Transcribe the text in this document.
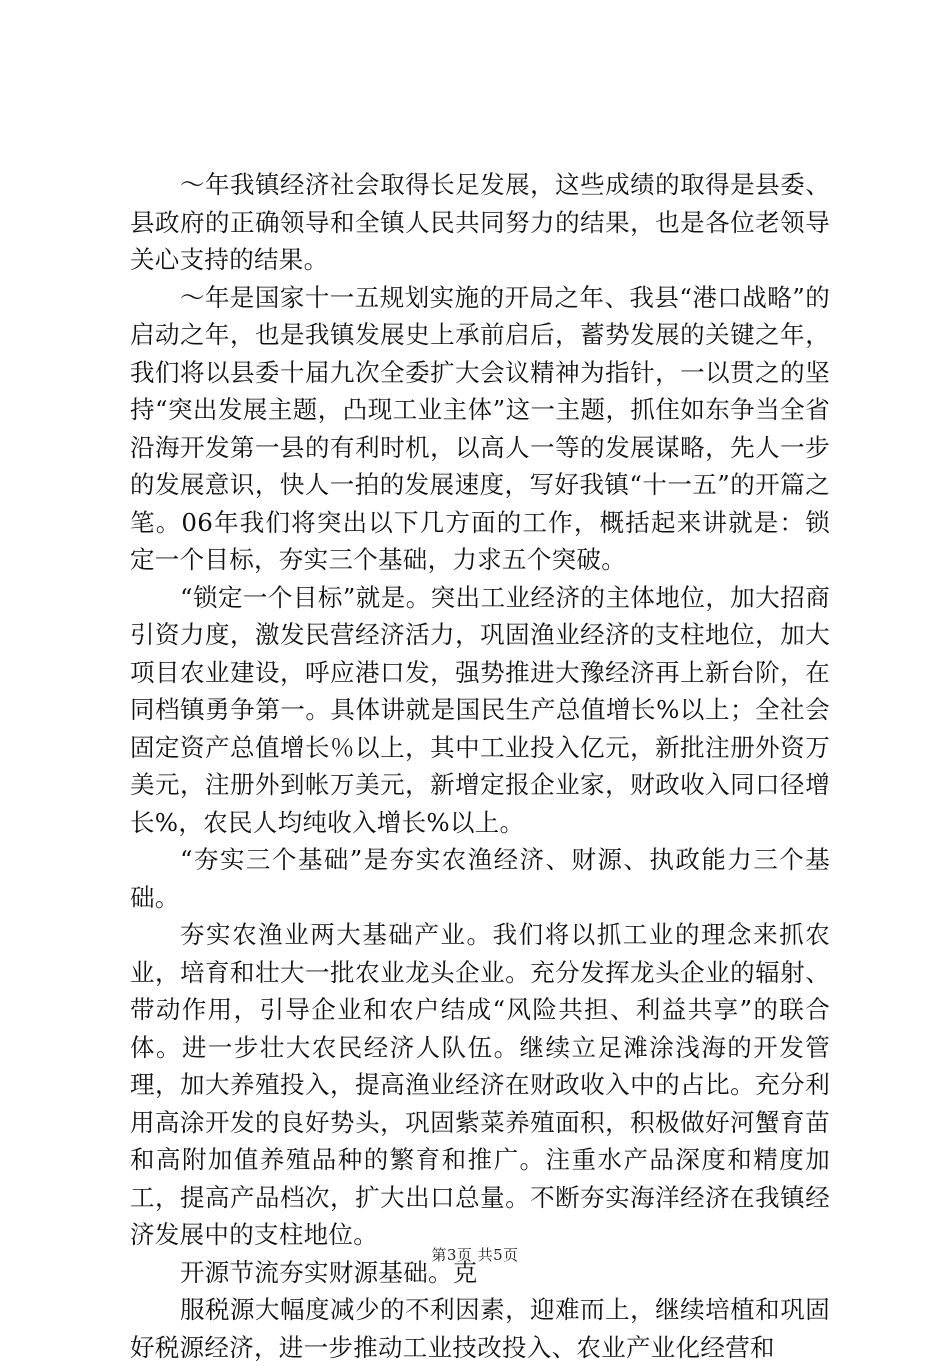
～年我镇经济社会取得长足发展，这些成绩的取得是县委、县政府的正确领导和全镇人民共同努力的结果，也是各位老领导关心支持的结果。

～年是国家十一五规划实施的开局之年、我县“港口战略”的启动之年，也是我镇发展史上承前启后，蓄势发展的关键之年，我们将以县委十届九次全委扩大会议精神为指针，一以贯之的坚持“突出发展主题，凸现工业主体”这一主题，抓住如东争当全省沿海开发第一县的有利时机，以高人一等的发展谋略，先人一步的发展意识，快人一拍的发展速度，写好我镇“十一五”的开篇之笔。06年我们将突出以下几方面的工作，概括起来讲就是：锁定一个目标，夯实三个基础，力求五个突破。

“锁定一个目标”就是。突出工业经济的主体地位，加大招商引资力度，激发民营经济活力，巩固渔业经济的支柱地位，加大项目农业建设，呼应港口发，强势推进大豫经济再上新台阶，在同档镇勇争第一。具体讲就是国民生产总值增长%以上；全社会固定资产总值增长％以上，其中工业投入亿元，新批注册外资万美元，注册外到帐万美元，新增定报企业家，财政收入同口径增长%，农民人均纯收入增长%以上。

“夯实三个基础”是夯实农渔经济、财源、执政能力三个基础。

夯实农渔业两大基础产业。我们将以抓工业的理念来抓农业，培育和壮大一批农业龙头企业。充分发挥龙头企业的辐射、带动作用，引导企业和农户结成“风险共担、利益共享”的联合体。进一步壮大农民经济人队伍。继续立足滩涂浅海的开发管理，加大养殖投入，提高渔业经济在财政收入中的占比。充分利用高涂开发的良好势头，巩固紫菜养殖面积，积极做好河蟹育苗和高附加值养殖品种的繁育和推广。注重水产品深度和精度加工，提高产品档次，扩大出口总量。不断夯实海洋经济在我镇经济发展中的支柱地位。

开源节流夯实财源基础。克

服税源大幅度减少的不利因素，迎难而上，继续培植和巩固好税源经济，进一步推动工业技改投入、农业产业化经营和

第3页 共5页
